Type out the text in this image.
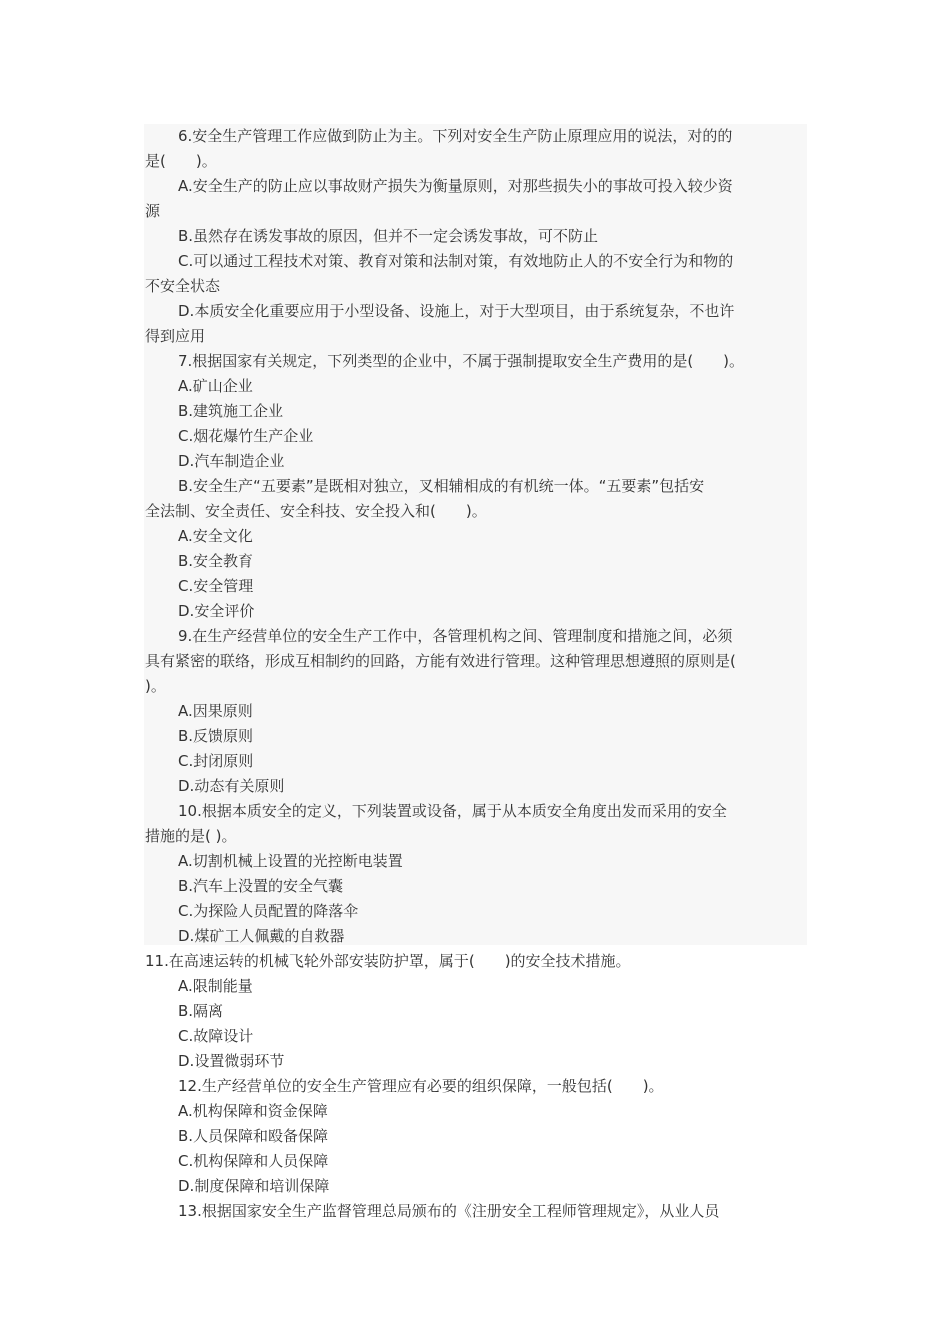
6.安全生产管理工作应做到防止为主。下列对安全生产防止原理应用的说法，对的的
是(　　)。
A.安全生产的防止应以事故财产损失为衡量原则，对那些损失小的事故可投入较少资
源
B.虽然存在诱发事故的原因，但并不一定会诱发事故，可不防止
C.可以通过工程技术对策、教育对策和法制对策，有效地防止人的不安全行为和物的
不安全状态
D.本质安全化重要应用于小型设备、设施上，对于大型项目，由于系统复杂，不也许
得到应用
7.根据国家有关规定，下列类型的企业中，不属于强制提取安全生产费用的是(　　)。
A.矿山企业
B.建筑施工企业
C.烟花爆竹生产企业
D.汽车制造企业
B.安全生产“五要素”是既相对独立，叉相辅相成的有机统一体。“五要素”包括安
全法制、安全责任、安全科技、安全投入和(　　)。
A.安全文化
B.安全教育
C.安全管理
D.安全评价
9.在生产经营单位的安全生产工作中，各管理机构之间、管理制度和措施之间，必须
具有紧密的联络，形成互相制约的回路，方能有效进行管理。这种管理思想遵照的原则是(
)。
A.因果原则
B.反馈原则
C.封闭原则
D.动态有关原则
10.根据本质安全的定义，下列装置或设备，属于从本质安全角度出发而采用的安全
措施的是( )。
A.切割机械上设置的光控断电装置
B.汽车上没置的安全气囊
C.为探险人员配置的降落伞
D.煤矿工人佩戴的自救器
11.在高速运转的机械飞轮外部安装防护罩，属于(　　)的安全技术措施。
A.限制能量
B.隔离
C.故障设计
D.设置微弱环节
12.生产经营单位的安全生产管理应有必要的组织保障，一般包括(　　)。
A.机构保障和资金保障
B.人员保障和殴备保障
C.机构保障和人员保障
D.制度保障和培训保障
13.根据国家安全生产监督管理总局颁布的《注册安全工程师管理规定》，从业人员
